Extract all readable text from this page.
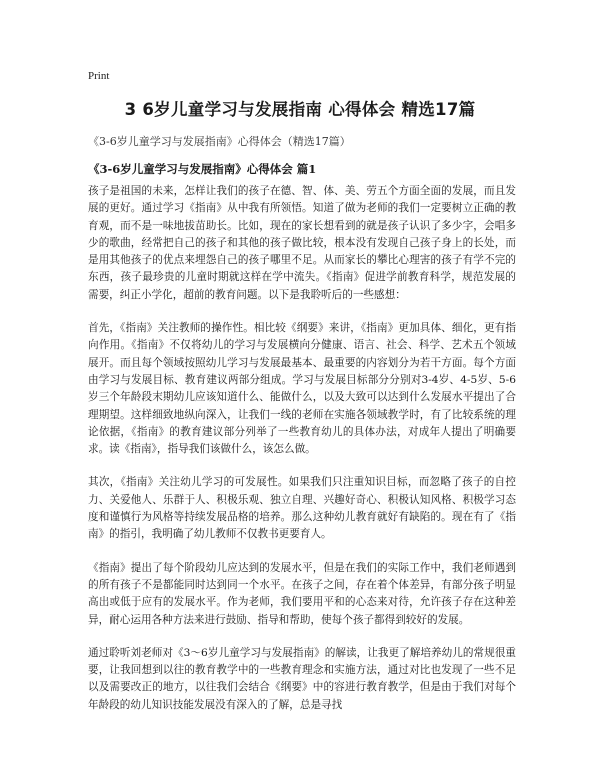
Print
3 6岁儿童学习与发展指南 心得体会 精选17篇
《3-6岁儿童学习与发展指南》心得体会（精选17篇）
《3-6岁儿童学习与发展指南》心得体会 篇1

孩子是祖国的未来，怎样让我们的孩子在德、智、体、美、劳五个方面全面的发展，而且发展的更好。通过学习《指南》从中我有所领悟。知道了做为老师的我们一定要树立正确的教育观，而不是一味地拔苗助长。比如，现在的家长想看到的就是孩子认识了多少字，会唱多少的歌曲，经常把自己的孩子和其他的孩子做比较，根本没有发现自己孩子身上的长处，而是用其他孩子的优点来埋怨自己的孩子哪里不足。从而家长的攀比心理害的孩子有学不完的东西，孩子最珍贵的儿童时期就这样在学中流失。《指南》促进学前教育科学，规范发展的需要，纠正小学化，超前的教育问题。以下是我聆听后的一些感想：

首先，《指南》关注教师的操作性。相比较《纲要》来讲，《指南》更加具体、细化，更有指向作用。《指南》不仅将幼儿的学习与发展横向分健康、语言、社会、科学、艺术五个领域展开。而且每个领域按照幼儿学习与发展最基本、最重要的内容划分为若干方面。每个方面由学习与发展目标、教育建议两部分组成。学习与发展目标部分分别对3-4岁、4-5岁、5-6岁三个年龄段末期幼儿应该知道什么、能做什么，以及大致可以达到什么发展水平提出了合理期望。这样细致地纵向深入，让我们一线的老师在实施各领域教学时，有了比较系统的理论依据，《指南》的教育建议部分列举了一些教育幼儿的具体办法，对成年人提出了明确要求。读《指南》，指导我们该做什么，该怎么做。

其次，《指南》关注幼儿学习的可发展性。如果我们只注重知识目标，而忽略了孩子的自控力、关爱他人、乐群于人、积极乐观、独立自理、兴趣好奇心、积极认知风格、积极学习态度和谨慎行为风格等持续发展品格的培养。那么这种幼儿教育就好有缺陷的。现在有了《指南》的指引，我明确了幼儿教师不仅教书更要育人。

《指南》提出了每个阶段幼儿应达到的发展水平，但是在我们的实际工作中，我们老师遇到的所有孩子不是都能同时达到同一个水平。在孩子之间，存在着个体差异，有部分孩子明显高出或低于应有的发展水平。作为老师，我们要用平和的心态来对待，允许孩子存在这种差异，耐心运用各种方法来进行鼓励、指导和帮助，使每个孩子都得到较好的发展。

通过聆听刘老师对《3～6岁儿童学习与发展指南》的解读，让我更了解培养幼儿的常规很重要，让我回想到以往的教育教学中的一些教育理念和实施方法，通过对比也发现了一些不足以及需要改正的地方，以往我们会结合《纲要》中的容进行教育教学，但是由于我们对每个年龄段的幼儿知识技能发展没有深入的了解，总是寻找
